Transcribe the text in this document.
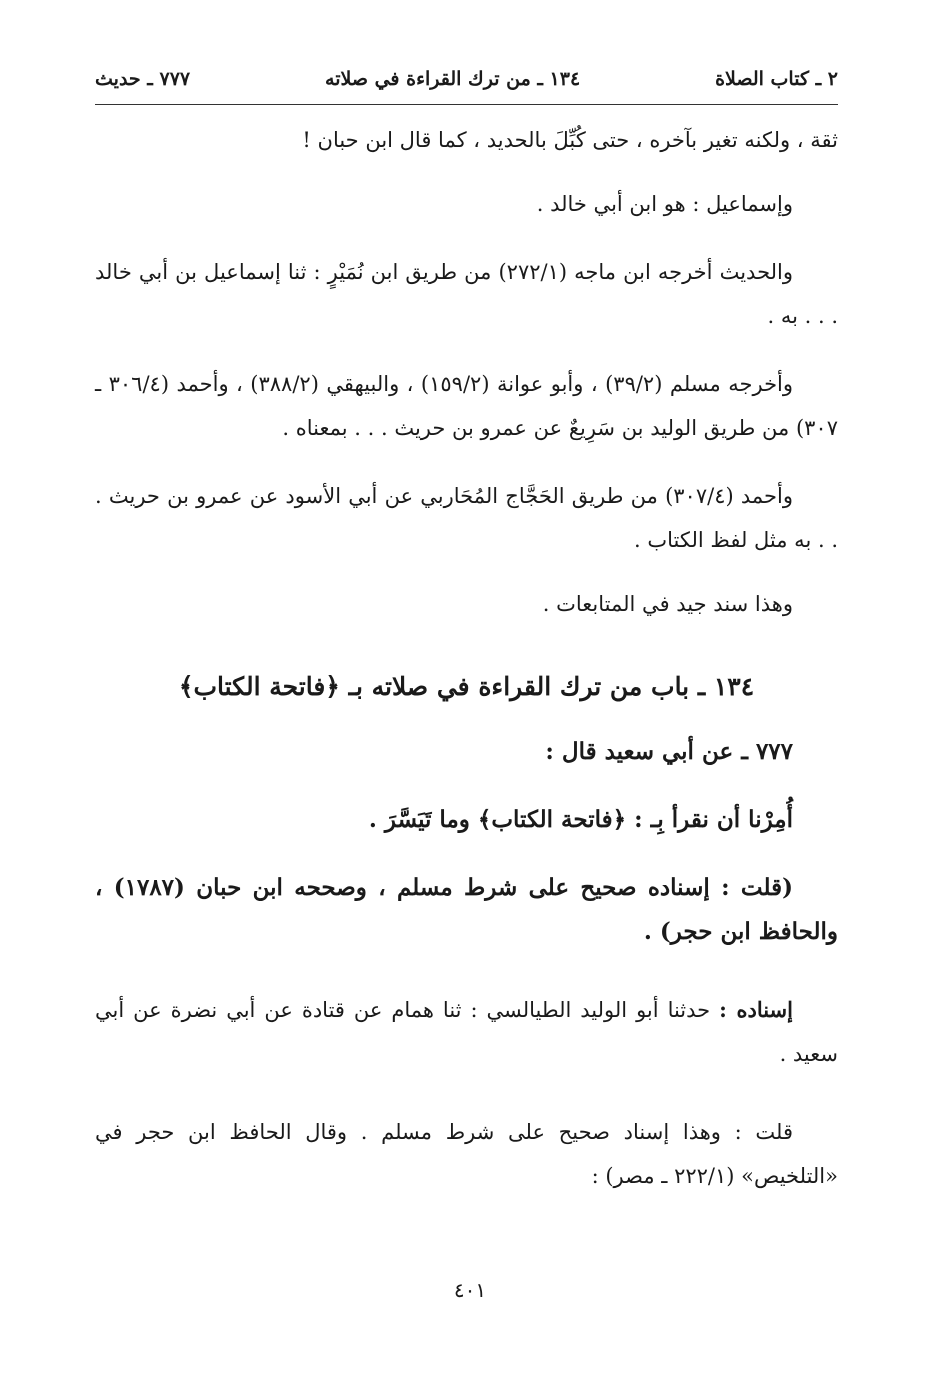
٢ ـ كتاب الصلاة
١٣٤ ـ من ترك القراءة في صلاته
٧٧٧ ـ حديث

ثقة ، ولكنه تغير بآخره ، حتى كُبِّلَ بالحديد ، كما قال ابن حبان !

وإسماعيل : هو ابن أبي خالد .

والحديث أخرجه ابن ماجه (٢٧٢/١) من طريق ابن نُمَيْرٍ : ثنا إسماعيل بن أبي خالد . . . به .

وأخرجه مسلم (٣٩/٢) ، وأبو عوانة (١٥٩/٢) ، والبيهقي (٣٨٨/٢) ، وأحمد (٣٠٦/٤ ـ ٣٠٧) من طريق الوليد بن سَرِيعٌ عن عمرو بن حريث . . . بمعناه .

وأحمد (٣٠٧/٤) من طريق الحَجَّاج المُحَاربي عن أبي الأسود عن عمرو بن حريث . . . به مثل لفظ الكتاب .

وهذا سند جيد في المتابعات .

١٣٤ ـ باب من ترك القراءة في صلاته بـ ﴿فاتحة الكتاب﴾

٧٧٧ ـ عن أبي سعيد قال :

أُمِرْنا أن نقرأ بِـ : ﴿فاتحة الكتاب﴾ وما تَيَسَّرَ .

(قلت : إسناده صحيح على شرط مسلم ، وصححه ابن حبان (١٧٨٧) ، والحافظ ابن حجر) .

إسناده : حدثنا أبو الوليد الطيالسي : ثنا همام عن قتادة عن أبي نضرة عن أبي سعيد .

قلت : وهذا إسناد صحيح على شرط مسلم . وقال الحافظ ابن حجر في «التلخيص» (٢٢٢/١ ـ مصر) :

٤٠١
